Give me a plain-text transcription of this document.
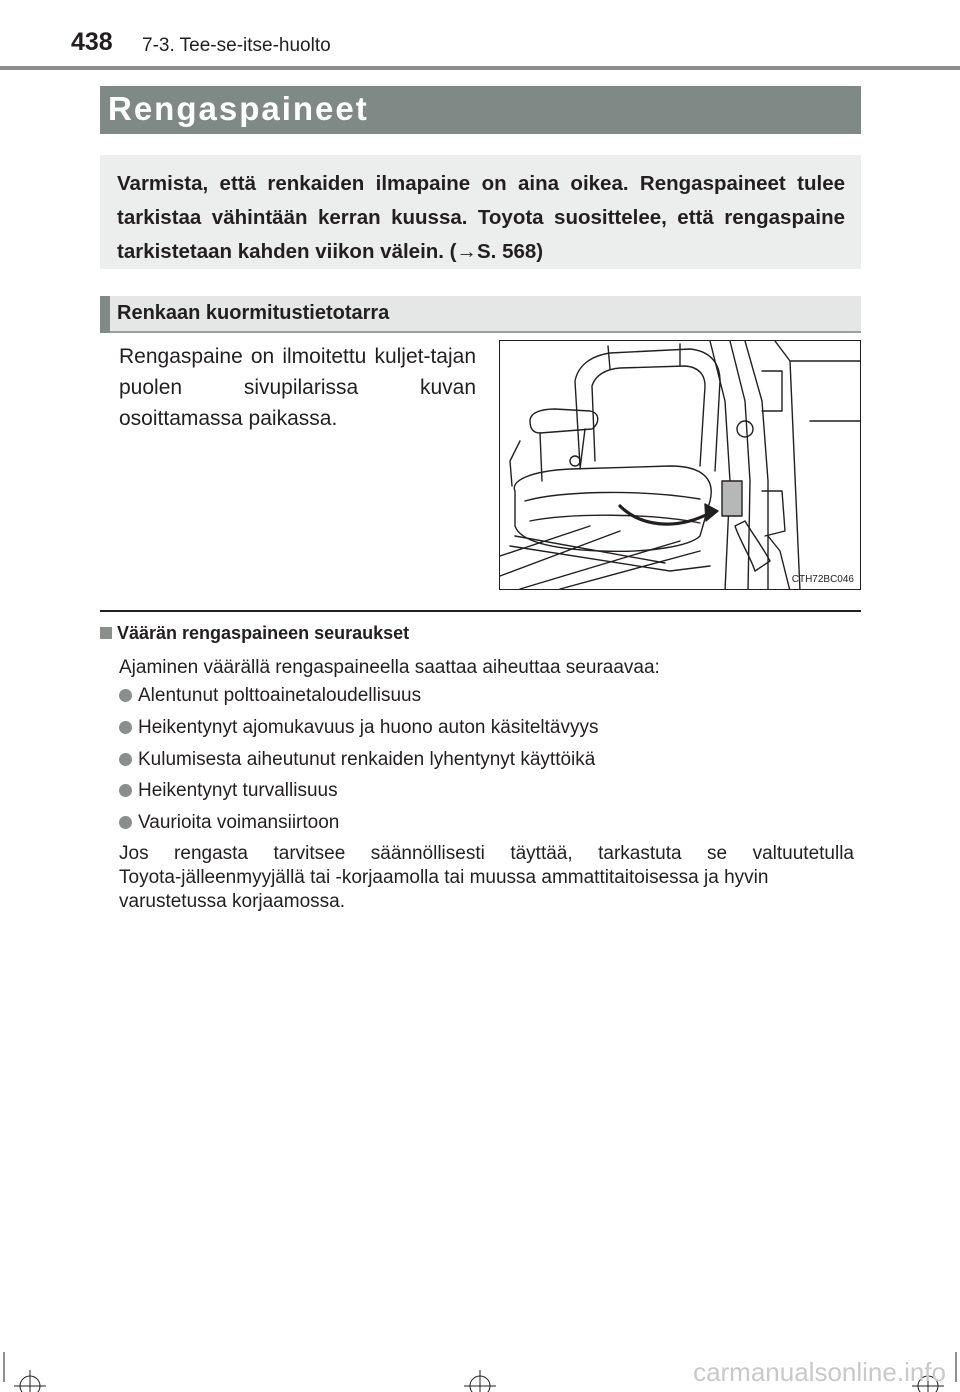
438 7-3. Tee-se-itse-huolto
Rengaspaineet
Varmista, että renkaiden ilmapaine on aina oikea. Rengaspaineet tulee tarkistaa vähintään kerran kuussa. Toyota suosittelee, että rengaspaine tarkistetaan kahden viikon välein. (→S. 568)
Renkaan kuormitustietotarra
Rengaspaine on ilmoitettu kuljet-tajan puolen sivupilarissa kuvan osoittamassa paikassa.
CTH72BC046
Väärän rengaspaineen seuraukset
Ajaminen väärällä rengaspaineella saattaa aiheuttaa seuraavaa:
Alentunut polttoainetaloudellisuus
Heikentynyt ajomukavuus ja huono auton käsiteltävyys
Kulumisesta aiheutunut renkaiden lyhentynyt käyttöikä
Heikentynyt turvallisuus
Vaurioita voimansiirtoon
Jos rengasta tarvitsee säännöllisesti täyttää, tarkastuta se valtuutetulla
Toyota-jälleenmyyjällä tai -korjaamolla tai muussa ammattitaitoisessa ja hyvin
varustetussa korjaamossa.
carmanualsonline.info
